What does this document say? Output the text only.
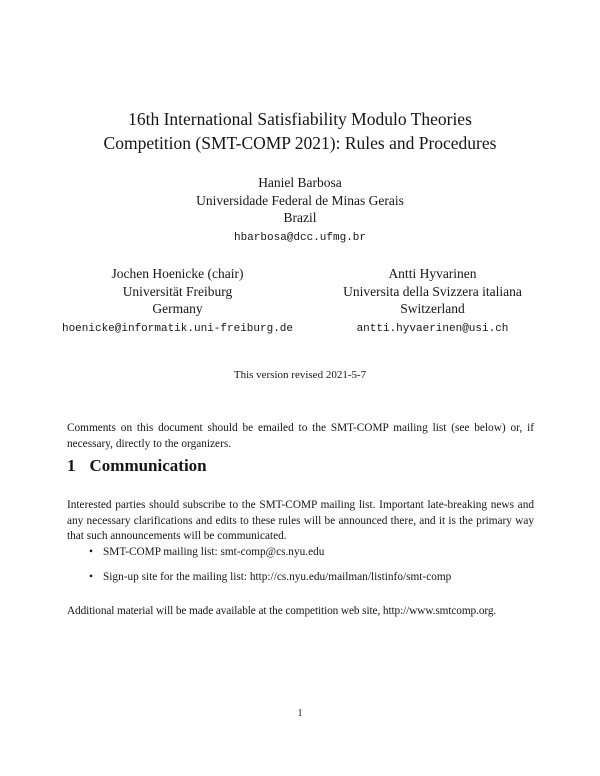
16th International Satisfiability Modulo Theories
Competition (SMT-COMP 2021): Rules and Procedures
Haniel Barbosa
Universidade Federal de Minas Gerais
Brazil
hbarbosa@dcc.ufmg.br
Jochen Hoenicke (chair)
Universität Freiburg
Germany
hoenicke@informatik.uni-freiburg.de
Antti Hyvarinen
Universita della Svizzera italiana
Switzerland
antti.hyvaerinen@usi.ch
This version revised 2021-5-7

Comments on this document should be emailed to the SMT-COMP mailing list (see below) or, if necessary, directly to the organizers.

1 Communication

Interested parties should subscribe to the SMT-COMP mailing list. Important late-breaking news and any necessary clarifications and edits to these rules will be announced there, and it is the primary way that such announcements will be communicated.

• SMT-COMP mailing list: smt-comp@cs.nyu.edu
• Sign-up site for the mailing list: http://cs.nyu.edu/mailman/listinfo/smt-comp

Additional material will be made available at the competition web site, http://www.smtcomp.org.

1
